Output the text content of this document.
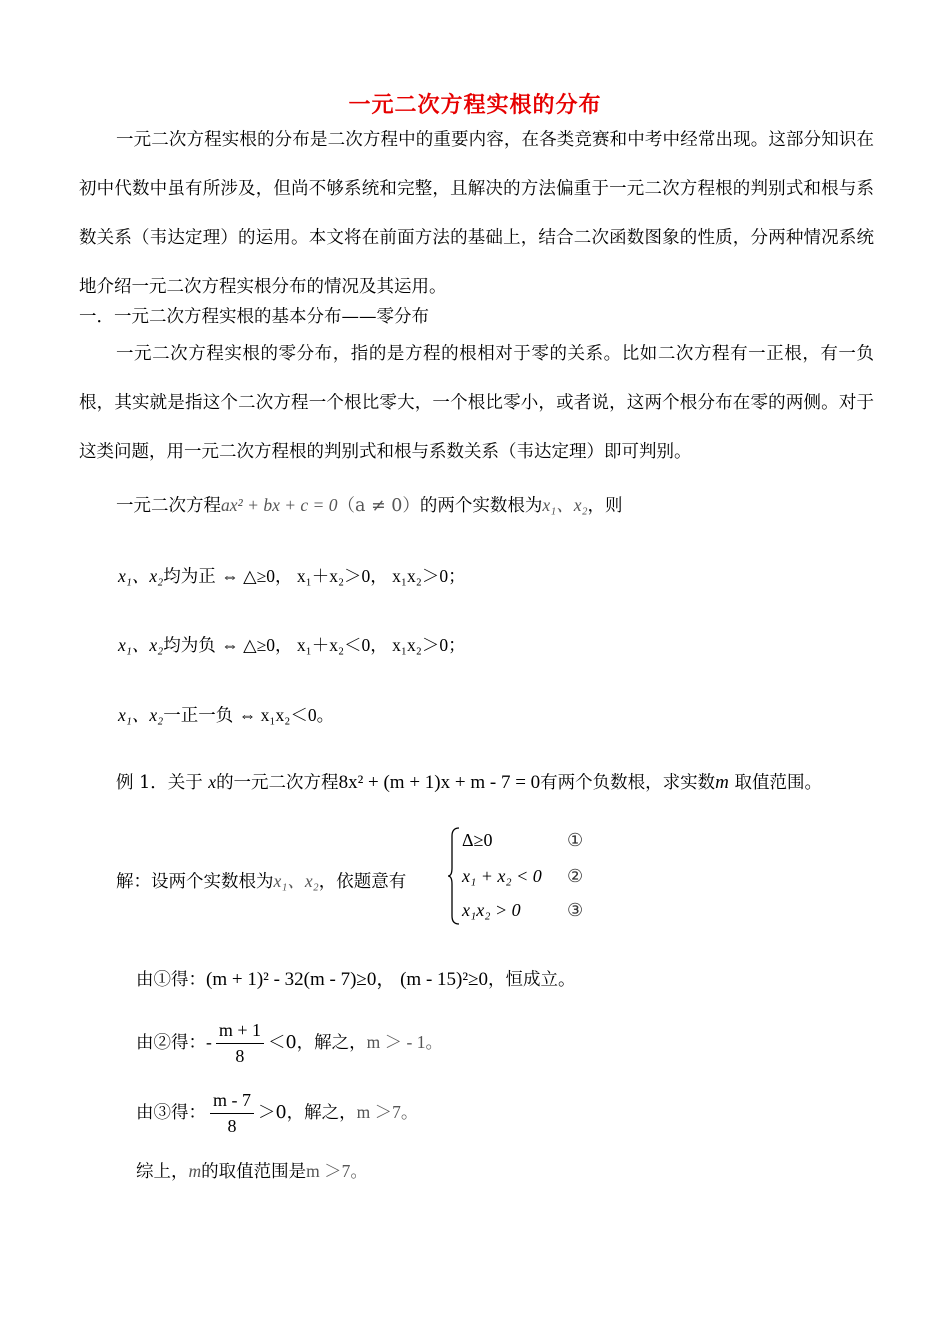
一元二次方程实根的分布
一元二次方程实根的分布是二次方程中的重要内容，在各类竞赛和中考中经常出现。这部分知识在初中代数中虽有所涉及，但尚不够系统和完整，且解决的方法偏重于一元二次方程根的判别式和根与系数关系（韦达定理）的运用。本文将在前面方法的基础上，结合二次函数图象的性质，分两种情况系统地介绍一元二次方程实根分布的情况及其运用。
一．一元二次方程实根的基本分布——零分布
一元二次方程实根的零分布，指的是方程的根相对于零的关系。比如二次方程有一正根，有一负根，其实就是指这个二次方程一个根比零大，一个根比零小，或者说，这两个根分布在零的两侧。对于这类问题，用一元二次方程根的判别式和根与系数关系（韦达定理）即可判别。
一元二次方程ax² + bx + c = 0（a ≠ 0）的两个实数根为x₁、x₂，则
x₁、x₂均为正 ⇔ △≥0， x₁＋x₂＞0， x₁x₂＞0；
x₁、x₂均为负 ⇔ △≥0， x₁＋x₂＜0， x₁x₂＞0；
x₁、x₂一正一负 ⇔ x₁x₂＜0。
例 1．关于 x的一元二次方程8x² + (m + 1)x + m - 7 = 0有两个负数根，求实数m 取值范围。
解：设两个实数根为x₁、x₂，依题意有
Δ≥0	①
x₁ + x₂ < 0 ②
x₁x₂ > 0	③
由①得：(m + 1)² - 32(m - 7)≥0， (m - 15)²≥0，恒成立。
由②得：- $\frac{m + 1}{8} <0$，解之，m ＞ - 1。
由③得： $\frac{m - 7}{8} >0$，解之，m ＞7。
综上，m的取值范围是m ＞7。
